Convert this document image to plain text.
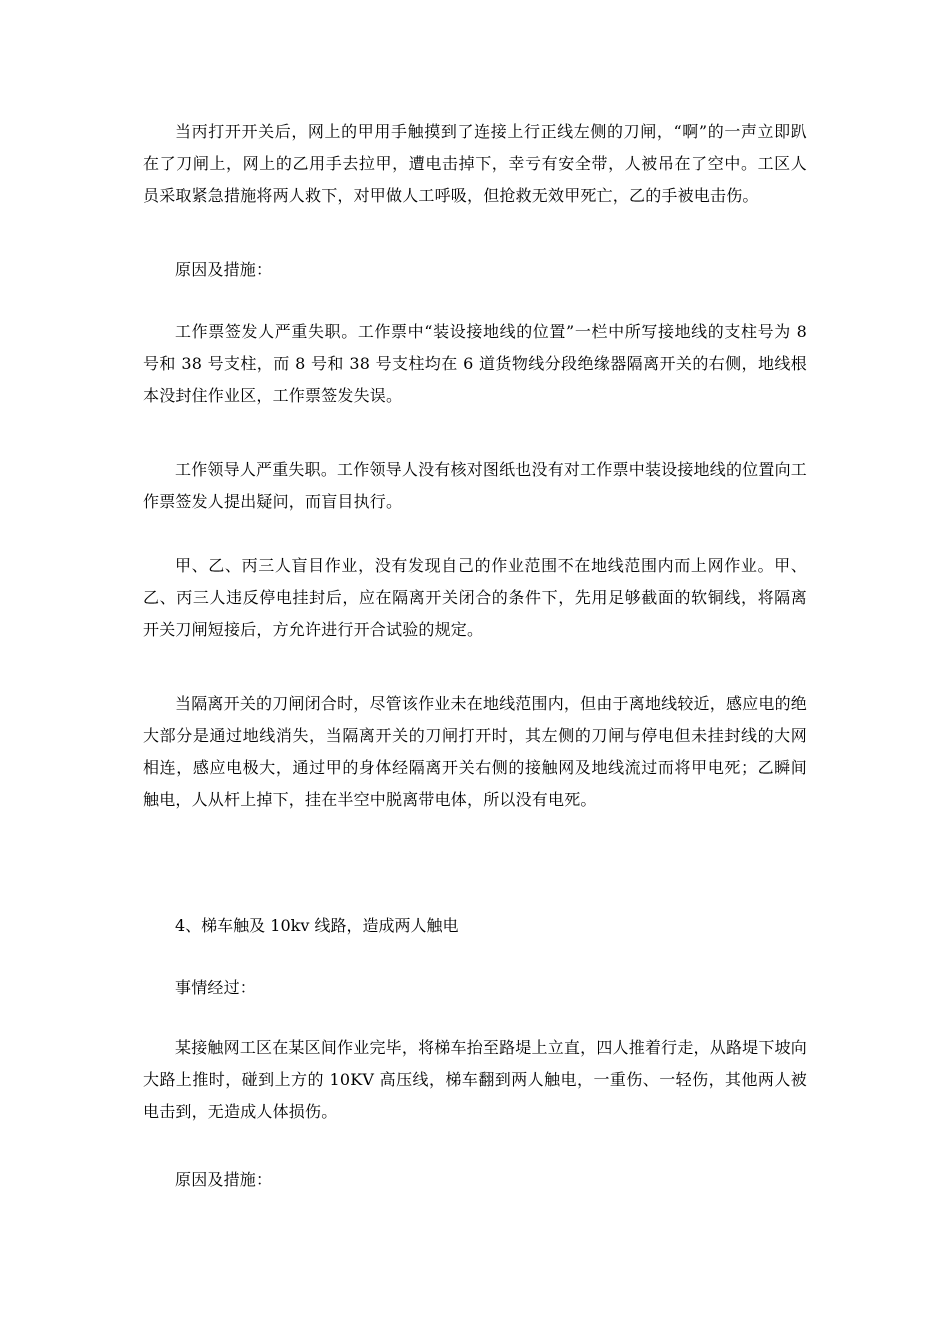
当丙打开开关后，网上的甲用手触摸到了连接上行正线左侧的刀闸，“啊”的一声立即趴在了刀闸上，网上的乙用手去拉甲，遭电击掉下，幸亏有安全带，人被吊在了空中。工区人员采取紧急措施将两人救下，对甲做人工呼吸，但抢救无效甲死亡，乙的手被电击伤。

原因及措施：

工作票签发人严重失职。工作票中“装设接地线的位置”一栏中所写接地线的支柱号为 8 号和 38 号支柱，而 8 号和 38 号支柱均在 6 道货物线分段绝缘器隔离开关的右侧，地线根本没封住作业区，工作票签发失误。

工作领导人严重失职。工作领导人没有核对图纸也没有对工作票中装设接地线的位置向工作票签发人提出疑问，而盲目执行。

甲、乙、丙三人盲目作业，没有发现自己的作业范围不在地线范围内而上网作业。甲、乙、丙三人违反停电挂封后，应在隔离开关闭合的条件下，先用足够截面的软铜线，将隔离开关刀闸短接后，方允许进行开合试验的规定。

当隔离开关的刀闸闭合时，尽管该作业未在地线范围内，但由于离地线较近，感应电的绝大部分是通过地线消失，当隔离开关的刀闸打开时，其左侧的刀闸与停电但未挂封线的大网相连，感应电极大，通过甲的身体经隔离开关右侧的接触网及地线流过而将甲电死；乙瞬间触电，人从杆上掉下，挂在半空中脱离带电体，所以没有电死。

4、梯车触及 10kv 线路，造成两人触电

事情经过：

某接触网工区在某区间作业完毕，将梯车抬至路堤上立直，四人推着行走，从路堤下坡向大路上推时，碰到上方的 10KV 高压线，梯车翻到两人触电，一重伤、一轻伤，其他两人被电击到，无造成人体损伤。

原因及措施：
